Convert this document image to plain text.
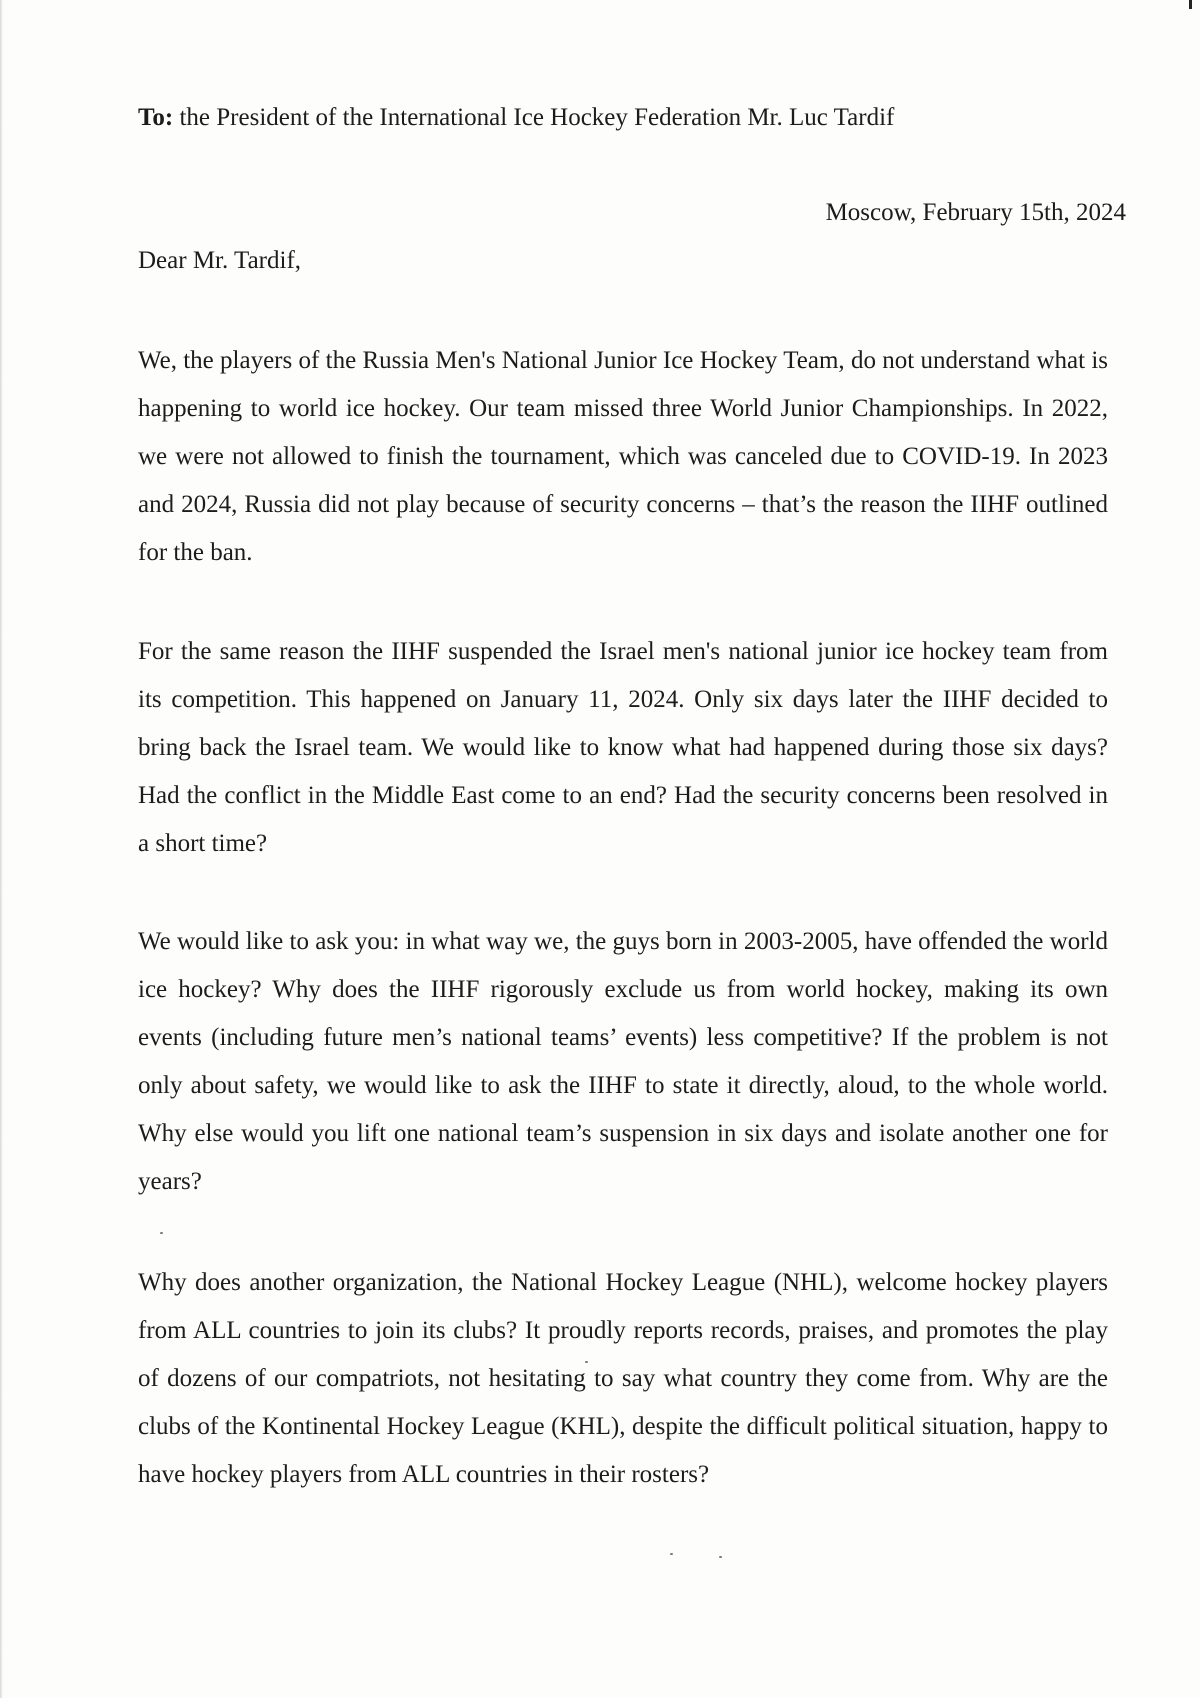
To: the President of the International Ice Hockey Federation Mr. Luc Tardif
Moscow, February 15th, 2024
Dear Mr. Tardif,

We, the players of the Russia Men's National Junior Ice Hockey Team, do not understand what is happening to world ice hockey. Our team missed three World Junior Championships. In 2022, we were not allowed to finish the tournament, which was canceled due to COVID-19. In 2023 and 2024, Russia did not play because of security concerns – that’s the reason the IIHF outlined for the ban.

For the same reason the IIHF suspended the Israel men's national junior ice hockey team from its competition. This happened on January 11, 2024. Only six days later the IIHF decided to bring back the Israel team. We would like to know what had happened during those six days? Had the conflict in the Middle East come to an end? Had the security concerns been resolved in a short time?

We would like to ask you: in what way we, the guys born in 2003-2005, have offended the world ice hockey? Why does the IIHF rigorously exclude us from world hockey, making its own events (including future men’s national teams’ events) less competitive? If the problem is not only about safety, we would like to ask the IIHF to state it directly, aloud, to the whole world. Why else would you lift one national team’s suspension in six days and isolate another one for years?

Why does another organization, the National Hockey League (NHL), welcome hockey players from ALL countries to join its clubs? It proudly reports records, praises, and promotes the play of dozens of our compatriots, not hesitating to say what country they come from. Why are the clubs of the Kontinental Hockey League (KHL), despite the difficult political situation, happy to have hockey players from ALL countries in their rosters?
